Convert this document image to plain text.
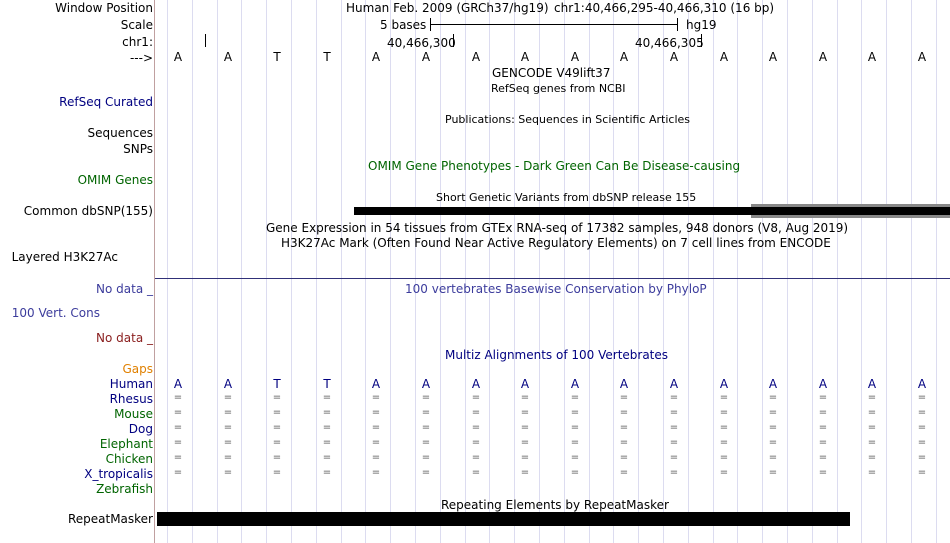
Window Position	Human Feb. 2009 (GRCh37/hg19) chr1:40,466,295-40,466,310 (16 bp)
Scale	5 bases	hg19
chr1:	40,466,300	40,466,305
--->	A	A	T	T	A	A	A	A	A	A	A	A	A	A	A	A
GENCODE V49lift37
RefSeq genes from NCBI
RefSeq Curated
Publications: Sequences in Scientific Articles
Sequences
SNPs
OMIM Gene Phenotypes - Dark Green Can Be Disease-causing
OMIM Genes
Short Genetic Variants from dbSNP release 155
Common dbSNP(155)
Gene Expression in 54 tissues from GTEx RNA-seq of 17382 samples, 948 donors (V8, Aug 2019)
H3K27Ac Mark (Often Found Near Active Regulatory Elements) on 7 cell lines from ENCODE
Layered H3K27Ac
No data _	100 vertebrates Basewise Conservation by PhyloP
100 Vert. Cons
No data _
Multiz Alignments of 100 Vertebrates
Gaps
Human	A	A	T	T	A	A	A	A	A	A	A	A	A	A	A	A
Rhesus	=	=	=	=	=	=	=	=	=	=	=	=	=	=	=	=
Mouse	=	=	=	=	=	=	=	=	=	=	=	=	=	=	=	=
Dog	=	=	=	=	=	=	=	=	=	=	=	=	=	=	=	=
Elephant	=	=	=	=	=	=	=	=	=	=	=	=	=	=	=	=
Chicken	=	=	=	=	=	=	=	=	=	=	=	=	=	=	=	=
X_tropicalis	=	=	=	=	=	=	=	=	=	=	=	=	=	=	=	=
Zebrafish
Repeating Elements by RepeatMasker
RepeatMasker
